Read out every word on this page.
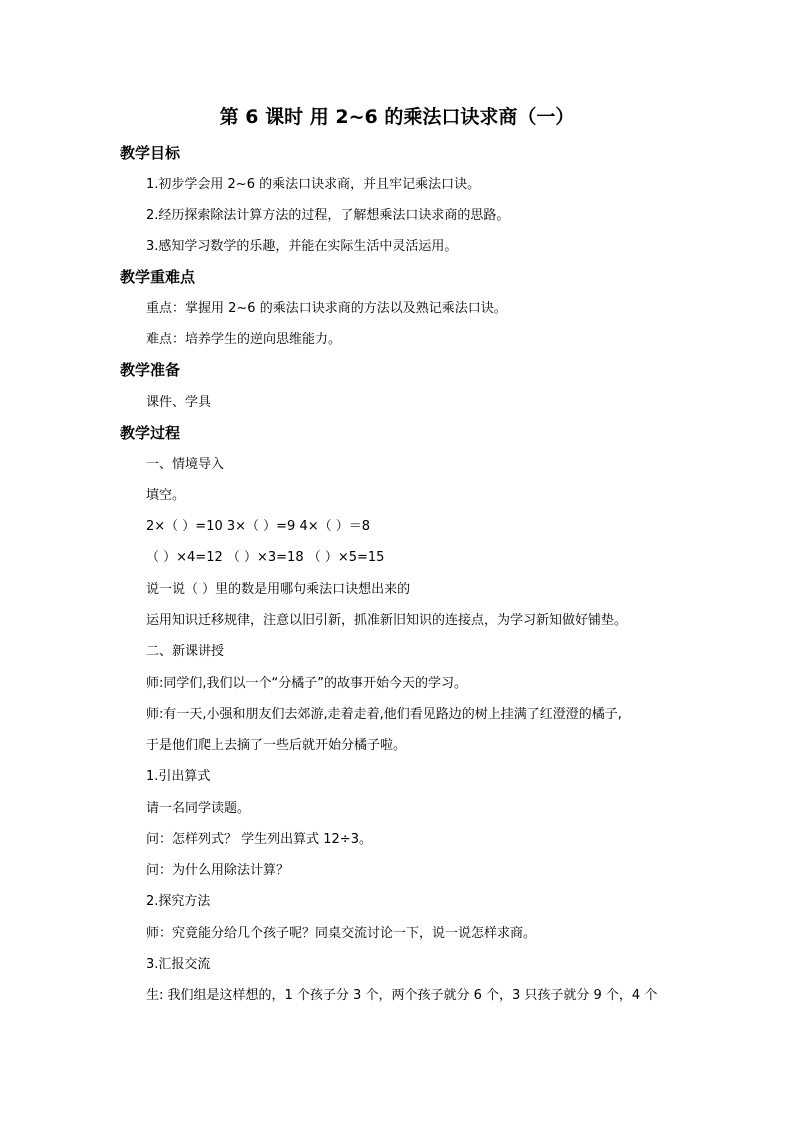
第 6 课时 用 2~6 的乘法口诀求商（一）
教学目标
1.初步学会用 2~6 的乘法口诀求商，并且牢记乘法口诀。
2.经历探索除法计算方法的过程，了解想乘法口诀求商的思路。
3.感知学习数学的乐趣，并能在实际生活中灵活运用。
教学重难点
重点：掌握用 2~6 的乘法口诀求商的方法以及熟记乘法口诀。
难点：培养学生的逆向思维能力。
教学准备
课件、学具
教学过程
一、情境导入
填空。
2×（ ）=10 3×（ ）=9 4×（ ）＝8
（ ）×4=12 （ ）×3=18 （ ）×5=15
说一说（ ）里的数是用哪句乘法口诀想出来的
运用知识迁移规律，注意以旧引新，抓准新旧知识的连接点，为学习新知做好铺垫。
二、新课讲授
师:同学们,我们以一个“分橘子”的故事开始今天的学习。
师:有一天,小强和朋友们去郊游,走着走着,他们看见路边的树上挂满了红澄澄的橘子,
于是他们爬上去摘了一些后就开始分橘子啦。
1.引出算式
请一名同学读题。
问：怎样列式？ 学生列出算式 12÷3。
问：为什么用除法计算？
2.探究方法
师：究竟能分给几个孩子呢？同桌交流讨论一下，说一说怎样求商。
3.汇报交流
生: 我们组是这样想的，1 个孩子分 3 个，两个孩子就分 6 个，3 只孩子就分 9 个，4 个
